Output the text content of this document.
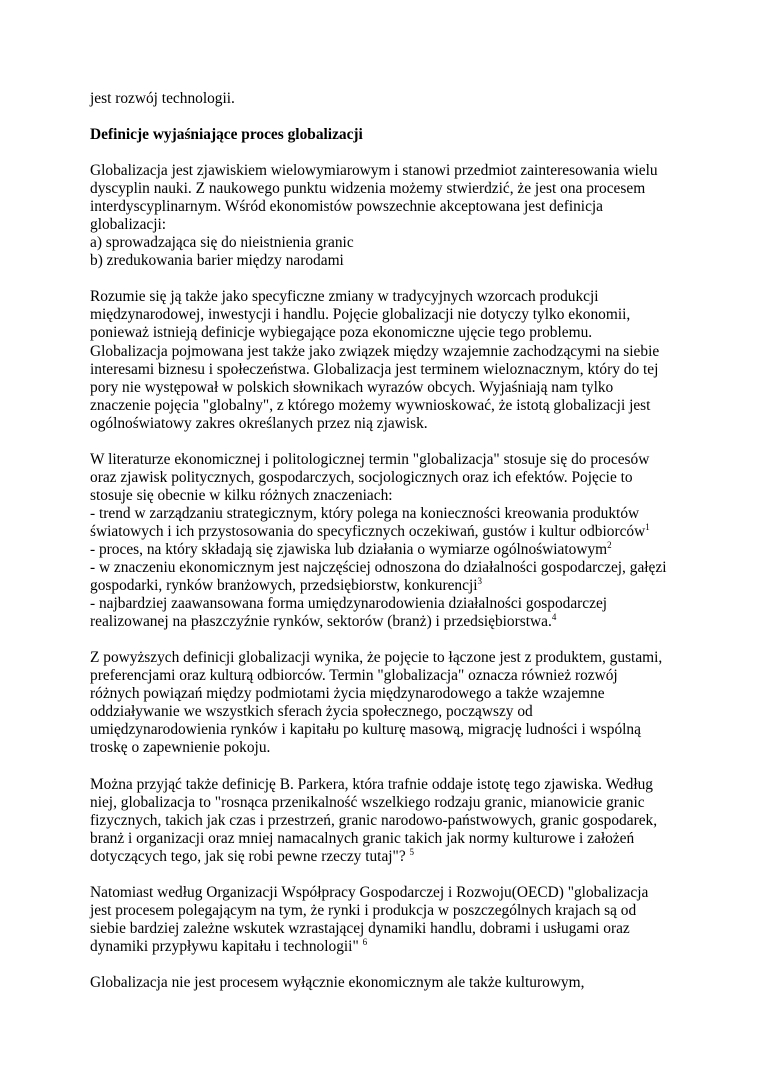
jest rozwój technologii.

Definicje wyjaśniające proces globalizacji

Globalizacja jest zjawiskiem wielowymiarowym i stanowi przedmiot zainteresowania wielu
dyscyplin nauki. Z naukowego punktu widzenia możemy stwierdzić, że jest ona procesem
interdyscyplinarnym. Wśród ekonomistów powszechnie akceptowana jest definicja
globalizacji:
a) sprowadzająca się do nieistnienia granic
b) zredukowania barier między narodami

Rozumie się ją także jako specyficzne zmiany w tradycyjnych wzorcach produkcji
międzynarodowej, inwestycji i handlu. Pojęcie globalizacji nie dotyczy tylko ekonomii,
ponieważ istnieją definicje wybiegające poza ekonomiczne ujęcie tego problemu.
Globalizacja pojmowana jest także jako związek między wzajemnie zachodzącymi na siebie
interesami biznesu i społeczeństwa. Globalizacja jest terminem wieloznacznym, który do tej
pory nie występował w polskich słownikach wyrazów obcych. Wyjaśniają nam tylko
znaczenie pojęcia "globalny", z którego możemy wywnioskować, że istotą globalizacji jest
ogólnoświatowy zakres określanych przez nią zjawisk.

W literaturze ekonomicznej i politologicznej termin "globalizacja" stosuje się do procesów
oraz zjawisk politycznych, gospodarczych, socjologicznych oraz ich efektów. Pojęcie to
stosuje się obecnie w kilku różnych znaczeniach:
- trend w zarządzaniu strategicznym, który polega na konieczności kreowania produktów
światowych i ich przystosowania do specyficznych oczekiwań, gustów i kultur odbiorców$^1$
- proces, na który składają się zjawiska lub działania o wymiarze ogólnoświatowym$^2$
- w znaczeniu ekonomicznym jest najczęściej odnoszona do działalności gospodarczej, gałęzi
gospodarki, rynków branżowych, przedsiębiorstw, konkurencji$^3$
- najbardziej zaawansowana forma umiędzynarodowienia działalności gospodarczej
realizowanej na płaszczyźnie rynków, sektorów (branż) i przedsiębiorstwa.$^4$

Z powyższych definicji globalizacji wynika, że pojęcie to łączone jest z produktem, gustami,
preferencjami oraz kulturą odbiorców. Termin "globalizacja" oznacza również rozwój
różnych powiązań między podmiotami życia międzynarodowego a także wzajemne
oddziaływanie we wszystkich sferach życia społecznego, począwszy od
umiędzynarodowienia rynków i kapitału po kulturę masową, migrację ludności i wspólną
troskę o zapewnienie pokoju.

Można przyjąć także definicję B. Parkera, która trafnie oddaje istotę tego zjawiska. Według
niej, globalizacja to "rosnąca przenikalność wszelkiego rodzaju granic, mianowicie granic
fizycznych, takich jak czas i przestrzeń, granic narodowo-państwowych, granic gospodarek,
branż i organizacji oraz mniej namacalnych granic takich jak normy kulturowe i założeń
dotyczących tego, jak się robi pewne rzeczy tutaj"? $^5$

Natomiast według Organizacji Współpracy Gospodarczej i Rozwoju(OECD) "globalizacja
jest procesem polegającym na tym, że rynki i produkcja w poszczególnych krajach są od
siebie bardziej zależne wskutek wzrastającej dynamiki handlu, dobrami i usługami oraz
dynamiki przypływu kapitału i technologii" $^6$

Globalizacja nie jest procesem wyłącznie ekonomicznym ale także kulturowym,
